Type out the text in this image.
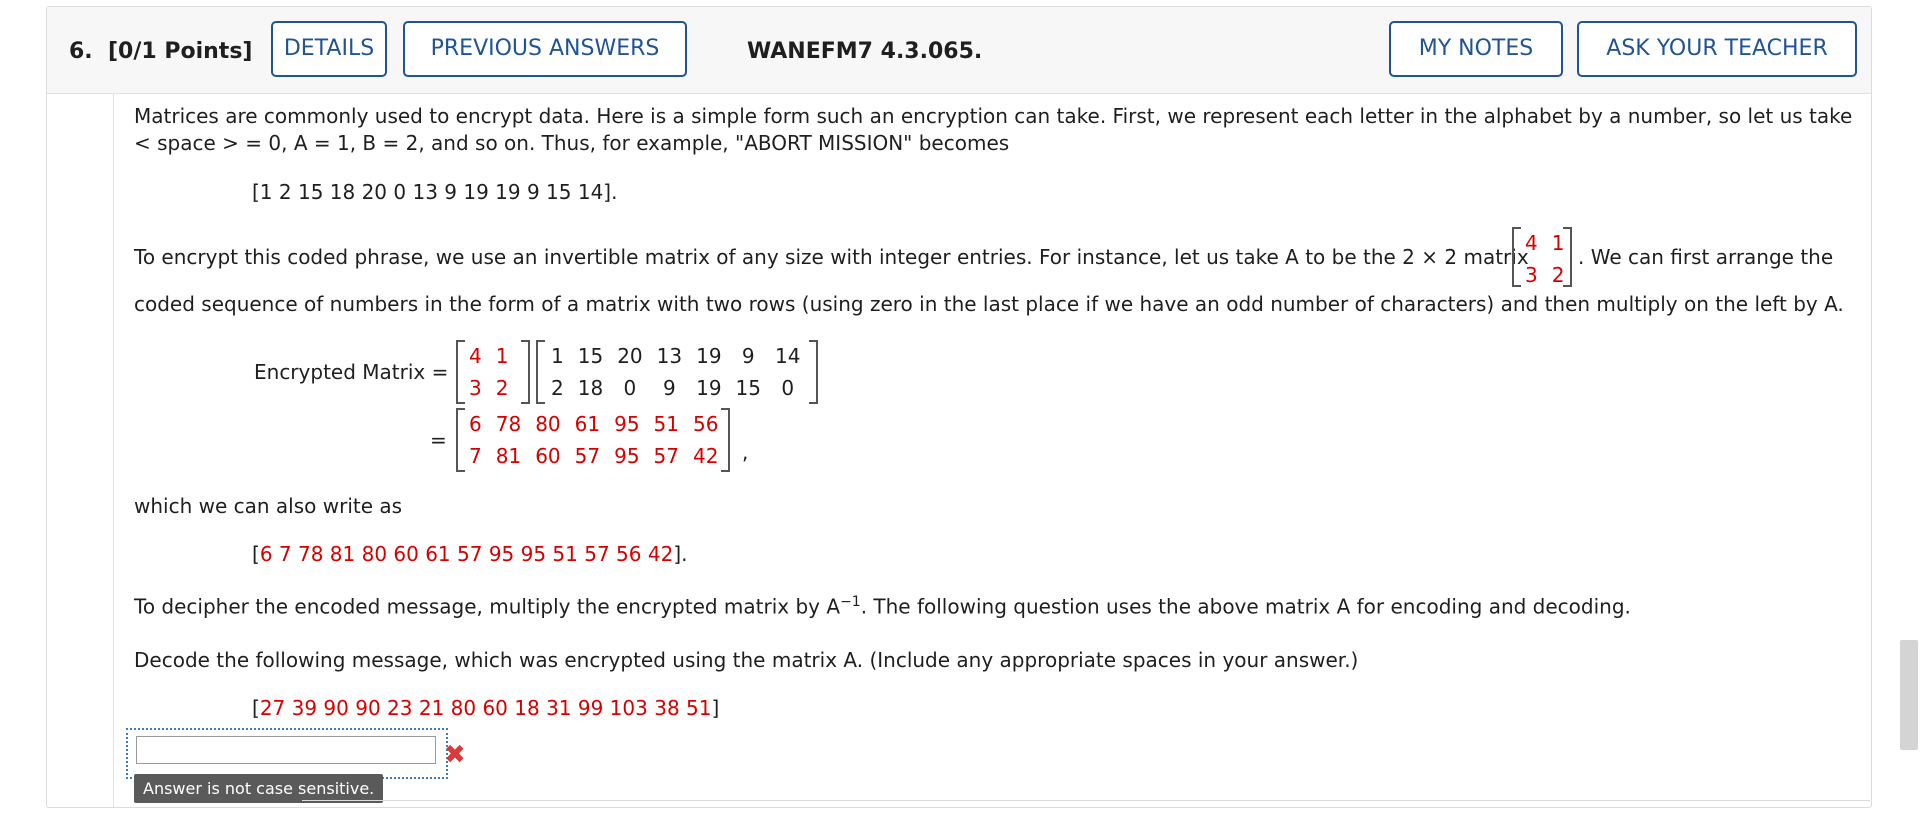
6. [0/1 Points]	DETAILS	PREVIOUS ANSWERS	WANEFM7 4.3.065.	MY NOTES	ASK YOUR TEACHER
Matrices are commonly used to encrypt data. Here is a simple form such an encryption can take. First, we represent each letter in the alphabet by a number, so let us take
< space > = 0, A = 1, B = 2, and so on. Thus, for example, "ABORT MISSION" becomes
[1 2 15 18 20 0 13 9 19 19 9 15 14].
To encrypt this coded phrase, we use an invertible matrix of any size with integer entries. For instance, let us take A to be the 2 × 2 matrix
4	1
3	2
. We can first arrange the
coded sequence of numbers in the form of a matrix with two rows (using zero in the last place if we have an odd number of characters) and then multiply on the left by A.
Encrypted Matrix =
4	1
3	2
1	15	20	13	19	9	14
2	18	0	9	19	15	0
=
6	78	80	61	95	51	56
7	81	60	57	95	57	42 ,
which we can also write as
[6 7 78 81 80 60 61 57 95 95 51 57 56 42].
To decipher the encoded message, multiply the encrypted matrix by $A^{-1}$. The following question uses the above matrix A for encoding and decoding.
Decode the following message, which was encrypted using the matrix A. (Include any appropriate spaces in your answer.)
[27 39 90 90 23 21 80 60 18 31 99 103 38 51]
✖
Answer is not case sensitive.
